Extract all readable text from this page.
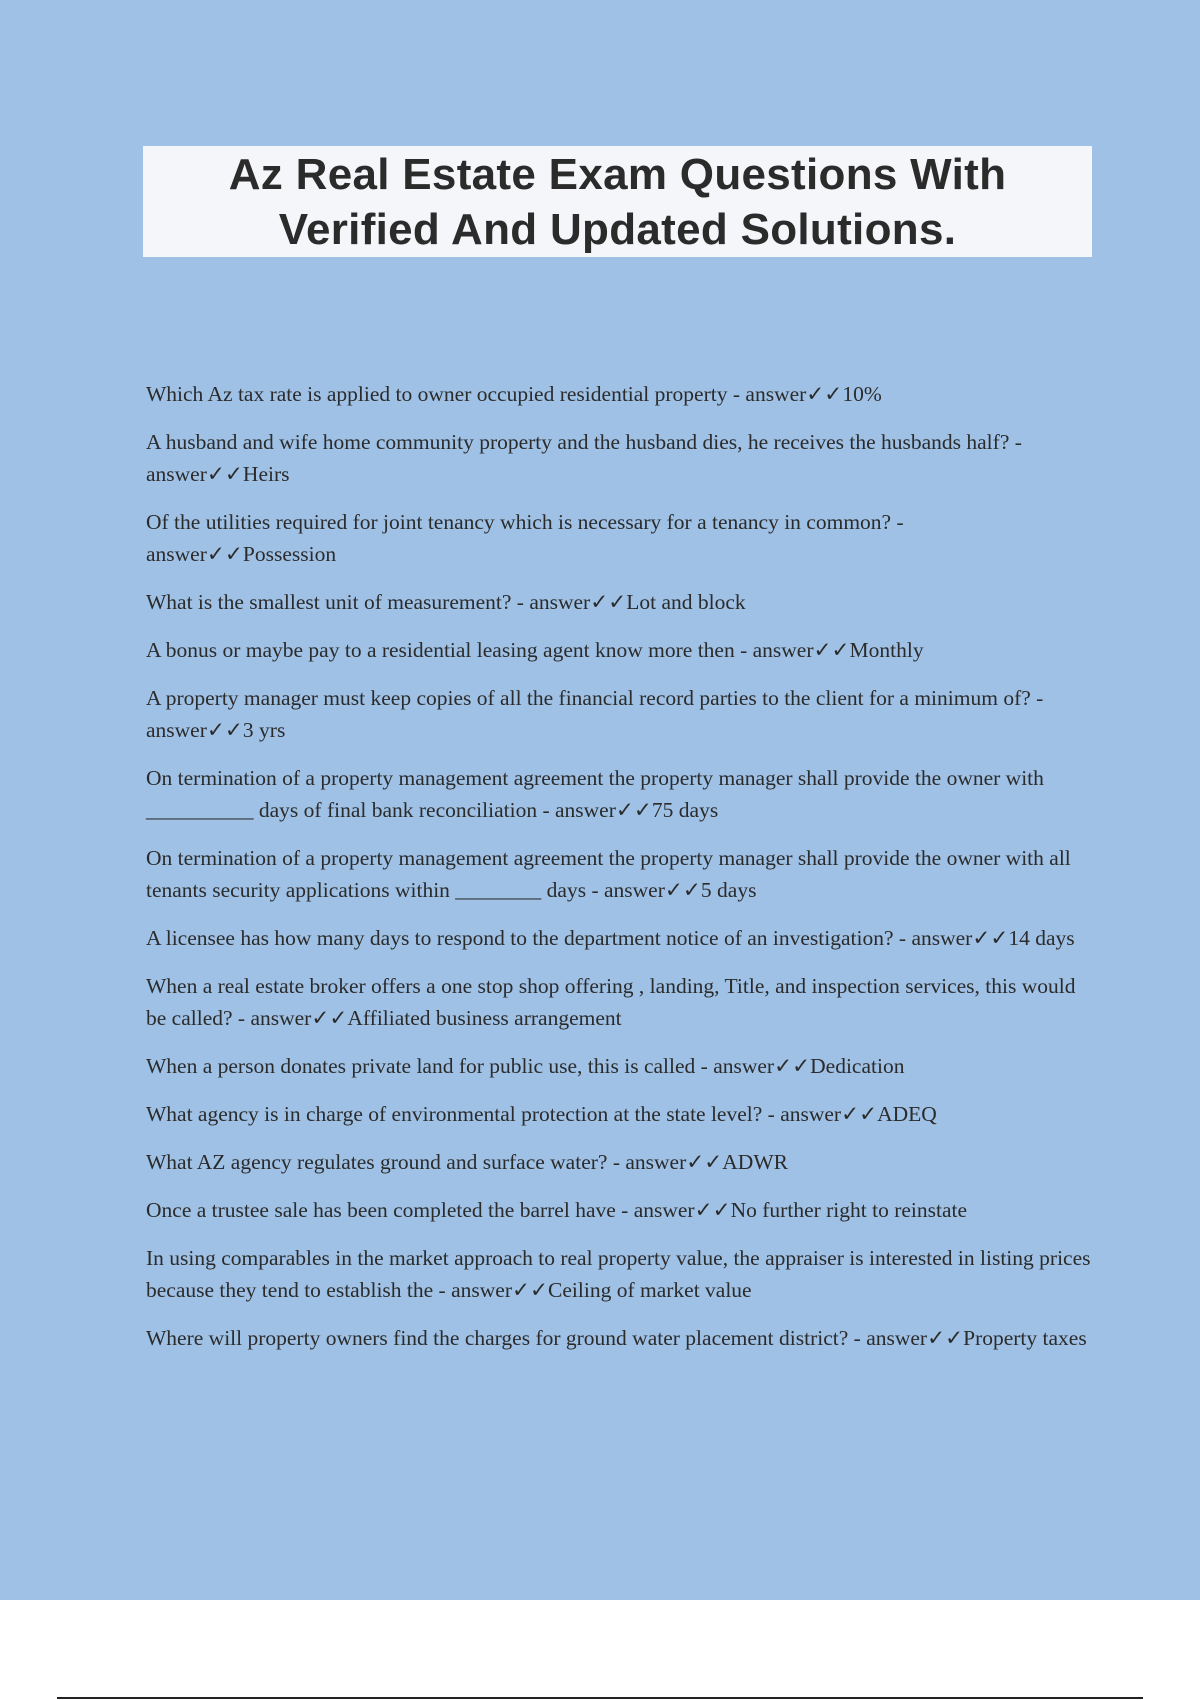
Az Real Estate Exam Questions With Verified And Updated Solutions.
Which Az tax rate is applied to owner occupied residential property - answer✓✓10%
A husband and wife home community property and the husband dies, he receives the husbands half? - answer✓✓Heirs
Of the utilities required for joint tenancy which is necessary for a tenancy in common? - answer✓✓Possession
What is the smallest unit of measurement? - answer✓✓Lot and block
A bonus or maybe pay to a residential leasing agent know more then - answer✓✓Monthly
A property manager must keep copies of all the financial record parties to the client for a minimum of? - answer✓✓3 yrs
On termination of a property management agreement the property manager shall provide the owner with __________ days of final bank reconciliation - answer✓✓75 days
On termination of a property management agreement the property manager shall provide the owner with all tenants security applications within ________ days - answer✓✓5 days
A licensee has how many days to respond to the department notice of an investigation? - answer✓✓14 days
When a real estate broker offers a one stop shop offering , landing, Title, and inspection services, this would be called? - answer✓✓Affiliated business arrangement
When a person donates private land for public use, this is called - answer✓✓Dedication
What agency is in charge of environmental protection at the state level? - answer✓✓ADEQ
What AZ agency regulates ground and surface water? - answer✓✓ADWR
Once a trustee sale has been completed the barrel have - answer✓✓No further right to reinstate
In using comparables in the market approach to real property value, the appraiser is interested in listing prices because they tend to establish the - answer✓✓Ceiling of market value
Where will property owners find the charges for ground water placement district? - answer✓✓Property taxes
